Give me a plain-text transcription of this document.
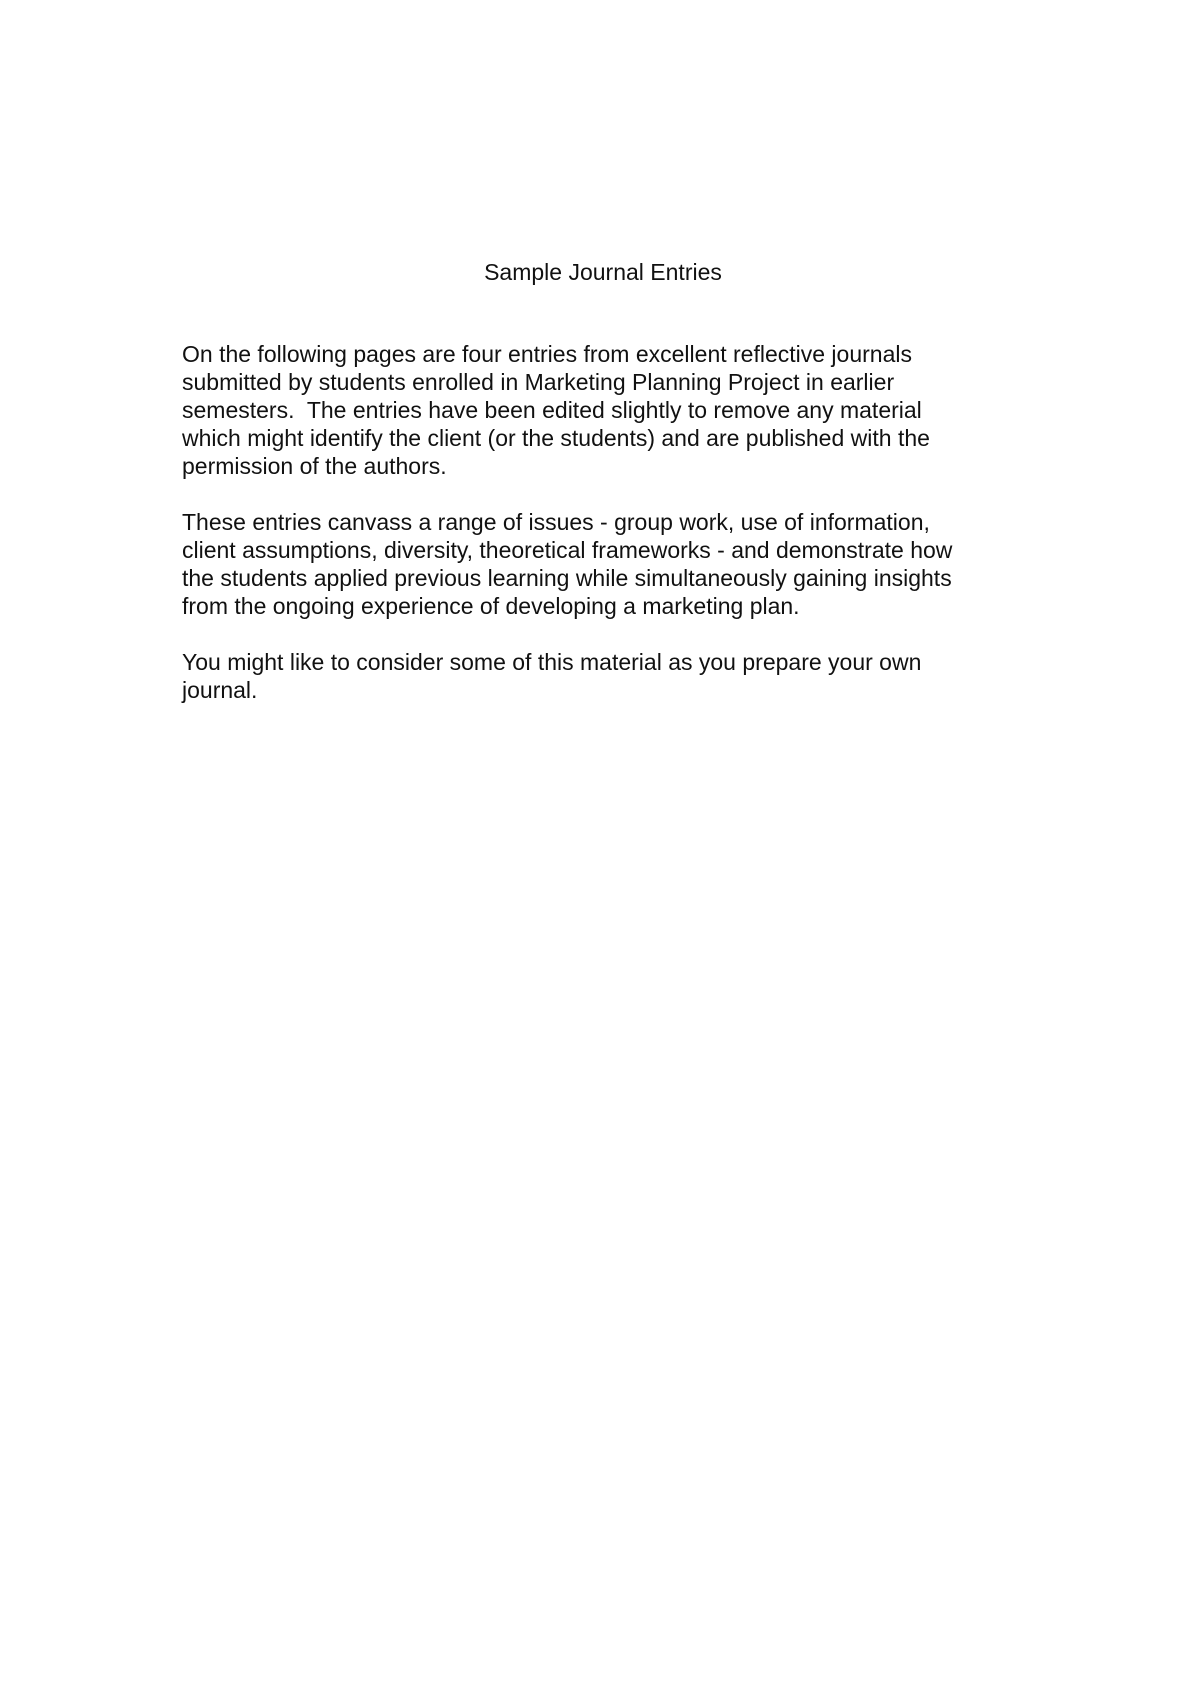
Sample Journal Entries

On the following pages are four entries from excellent reflective journals
submitted by students enrolled in Marketing Planning Project in earlier
semesters.  The entries have been edited slightly to remove any material
which might identify the client (or the students) and are published with the
permission of the authors.

These entries canvass a range of issues - group work, use of information,
client assumptions, diversity, theoretical frameworks - and demonstrate how
the students applied previous learning while simultaneously gaining insights
from the ongoing experience of developing a marketing plan.

You might like to consider some of this material as you prepare your own
journal.
